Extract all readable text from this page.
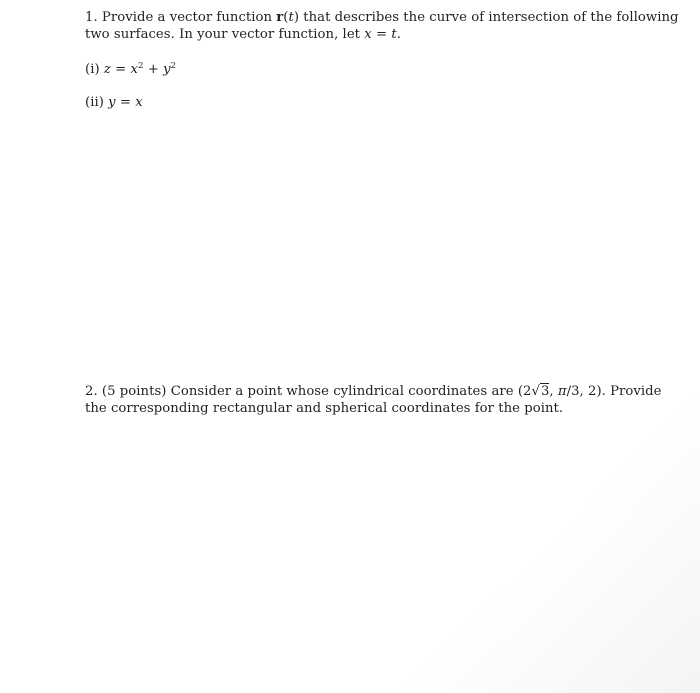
1. Provide a vector function r(t) that describes the curve of intersection of the following
two surfaces. In your vector function, let x = t.
(i) $z = x^2 + y^2$
(ii) y = x
2. (5 points) Consider a point whose cylindrical coordinates are (2√3, π/3, 2). Provide
the corresponding rectangular and spherical coordinates for the point.
